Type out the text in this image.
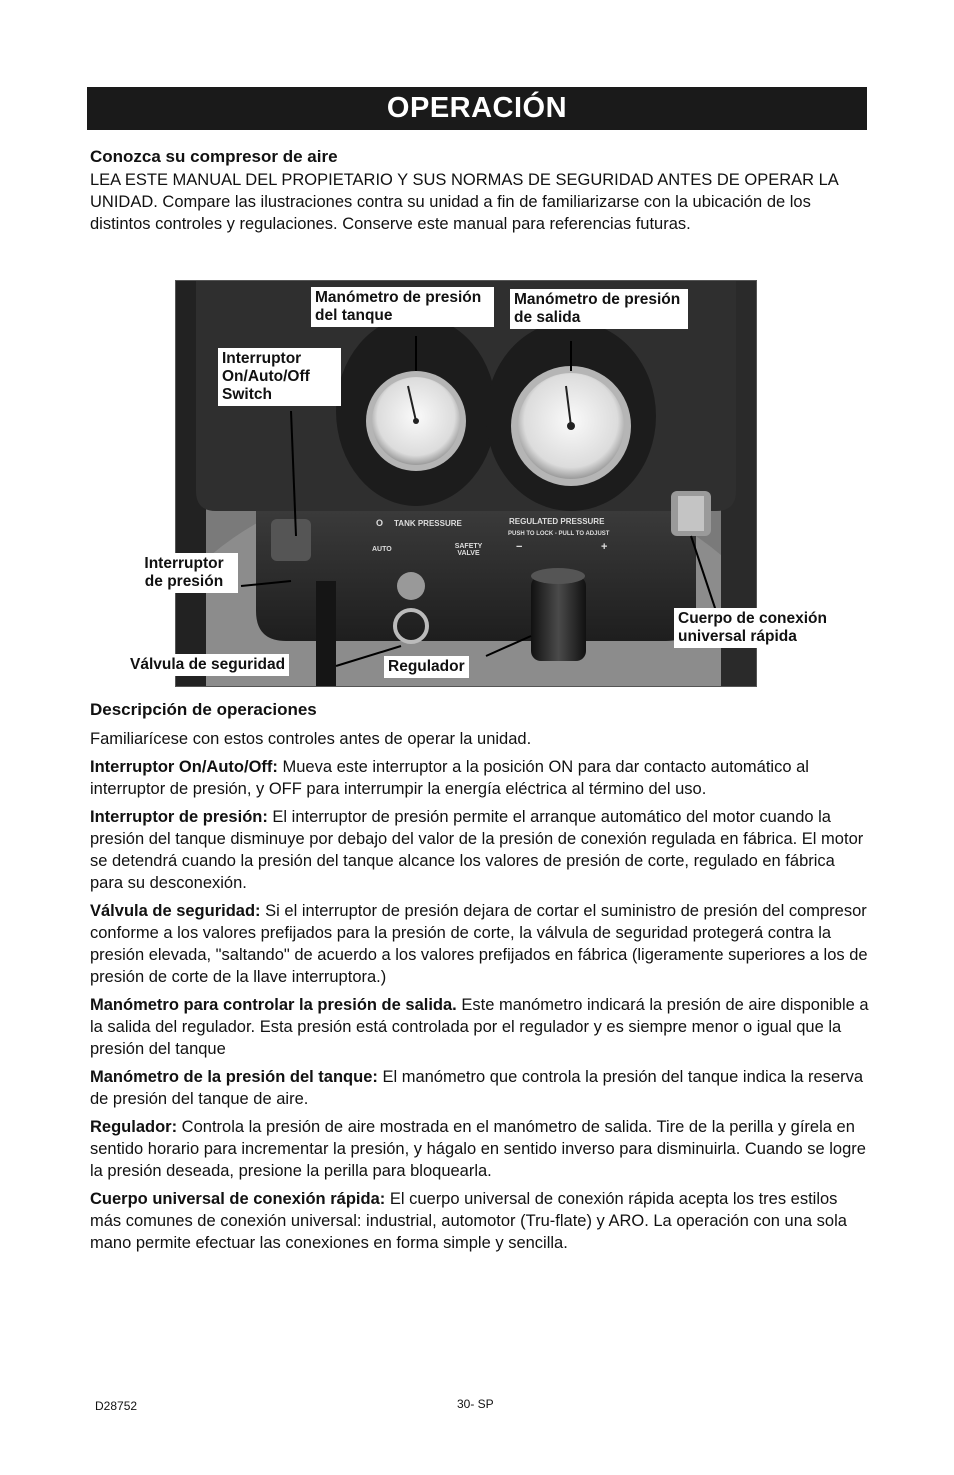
OPERACIÓN
Conozca su compresor de aire
LEA ESTE MANUAL DEL PROPIETARIO Y SUS NORMAS DE SEGURIDAD ANTES DE OPERAR LA UNIDAD. Compare las ilustraciones contra su unidad a fin de familiarizarse con la ubicación de los distintos controles y regulaciones. Conserve este manual para referencias futuras.
O
AUTO
TANK PRESSURE	REGULATED PRESSURE
PUSH TO LOCK - PULL TO ADJUST
SAFETY VALVE
−	+
Manómetro de presión del tanque
Manómetro de presión de salida
Interruptor On/Auto/Off Switch
Interruptor de presión
Válvula de seguridad	Regulador
Cuerpo de conexión universal rápida
Descripción de operaciones

Familiarícese con estos controles antes de operar la unidad.

Interruptor On/Auto/Off: Mueva este interruptor a la posición ON para dar contacto automático al interruptor de presión, y OFF para interrumpir la energía eléctrica al término del uso.

Interruptor de presión: El interruptor de presión permite el arranque automático del motor cuando la presión del tanque disminuye por debajo del valor de la presión de conexión regulada en fábrica. El motor se detendrá cuando la presión del tanque alcance los valores de presión de corte, regulado en fábrica para su desconexión.

Válvula de seguridad: Si el interruptor de presión dejara de cortar el suministro de presión del compresor conforme a los valores prefijados para la presión de corte, la válvula de seguridad protegerá contra la presión elevada, "saltando" de acuerdo a los valores prefijados en fábrica (ligeramente superiores a los de presión de corte de la llave interruptora.)

Manómetro para controlar la presión de salida. Este manómetro indicará la presión de aire disponible a la salida del regulador. Esta presión está controlada por el regulador y es siempre menor o igual que la presión del tanque

Manómetro de la presión del tanque: El manómetro que controla la presión del tanque indica la reserva de presión del tanque de aire.

Regulador: Controla la presión de aire mostrada en el manómetro de salida. Tire de la perilla y gírela en sentido horario para incrementar la presión, y hágalo en sentido inverso para disminuirla. Cuando se logre la presión deseada, presione la perilla para bloquearla.

Cuerpo universal de conexión rápida: El cuerpo universal de conexión rápida acepta los tres estilos más comunes de conexión universal: industrial, automotor (Tru-flate) y ARO. La operación con una sola mano permite efectuar las conexiones en forma simple y sencilla.

D28752	30- SP
